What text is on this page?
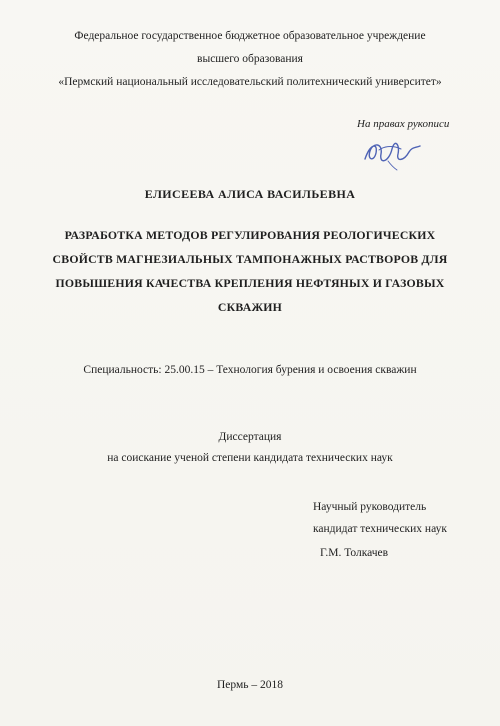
Федеральное государственное бюджетное образовательное учреждение
высшего образования
«Пермский национальный исследовательский политехнический университет»
На правах рукописи
ЕЛИСЕЕВА АЛИСА ВАСИЛЬЕВНА
РАЗРАБОТКА МЕТОДОВ РЕГУЛИРОВАНИЯ РЕОЛОГИЧЕСКИХ
СВОЙСТВ МАГНЕЗИАЛЬНЫХ ТАМПОНАЖНЫХ РАСТВОРОВ ДЛЯ
ПОВЫШЕНИЯ КАЧЕСТВА КРЕПЛЕНИЯ НЕФТЯНЫХ И ГАЗОВЫХ
СКВАЖИН
Специальность: 25.00.15 – Технология бурения и освоения скважин
Диссертация
на соискание ученой степени кандидата технических наук
Научный руководитель
кандидат технических наук
Г.М. Толкачев
Пермь – 2018
